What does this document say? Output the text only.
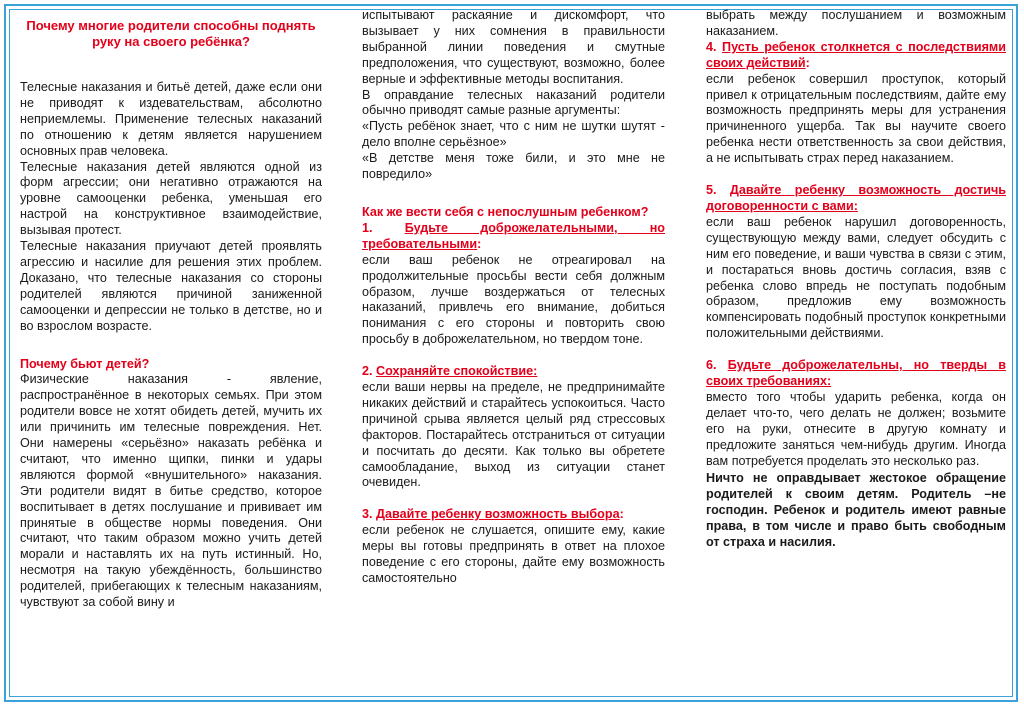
Почему многие родители способны поднять руку на своего ребёнка?

Телесные наказания и битьё детей, даже если они не приводят к издевательствам, абсолютно неприемлемы. Применение телесных наказаний по отношению к детям является нарушением основных прав человека.

Телесные наказания детей являются одной из форм агрессии; они негативно отражаются на уровне самооценки ребенка, уменьшая его настрой на конструктивное взаимодействие, вызывая протест.

Телесные наказания приучают детей проявлять агрессию и насилие для решения этих проблем. Доказано, что телесные наказания со стороны родителей являются причиной заниженной самооценки и депрессии не только в детстве, но и во взрослом возрасте.

Почему бьют детей?

Физические наказания - явление, распространённое в некоторых семьях. При этом родители вовсе не хотят обидеть детей, мучить их или причинить им телесные повреждения. Нет. Они намерены «серьёзно» наказать ребёнка и считают, что именно щипки, пинки и удары являются формой «внушительного» наказания. Эти родители видят в битье средство, которое воспитывает в детях послушание и прививает им принятые в обществе нормы поведения. Они считают, что таким образом можно учить детей морали и наставлять их на путь истинный. Но, несмотря на такую убеждённость, большинство родителей, прибегающих к телесным наказаниям, чувствуют за собой вину и

испытывают раскаяние и дискомфорт, что вызывает у них сомнения в правильности выбранной линии поведения и смутные предположения, что существуют, возможно, более верные и эффективные методы воспитания.

В оправдание телесных наказаний родители обычно приводят самые разные аргументы:

«Пусть ребёнок знает, что с ним не шутки шутят - дело вполне серьёзное»

«В детстве меня тоже били, и это мне не повредило»

Как же вести себя с непослушным ребенком?

1.	Будьте доброжелательными, но требовательными:

если ваш ребенок не отреагировал на продолжительные просьбы вести себя должным образом, лучше воздержаться от телесных наказаний, привлечь его внимание, добиться понимания с его стороны и повторить свою просьбу в доброжелательном, но твердом тоне.

2. Сохраняйте спокойствие:

если ваши нервы на пределе, не предпринимайте никаких действий и старайтесь успокоиться. Часто причиной срыва является целый ряд стрессовых факторов. Постарайтесь отстраниться от ситуации и посчитать до десяти. Как только вы обретете самообладание, выход из ситуации станет очевиден.

3. Давайте ребенку возможность выбора:

если ребенок не слушается, опишите ему, какие меры вы готовы предпринять в ответ на плохое поведение с его стороны, дайте ему возможность самостоятельно

выбрать между послушанием и возможным наказанием.

4. Пусть ребенок столкнется с последствиями своих действий:

если ребенок совершил проступок, который привел к отрицательным последствиям, дайте ему возможность предпринять меры для устранения причиненного ущерба. Так вы научите своего ребенка нести ответственность за свои действия, а не испытывать страх перед наказанием.

5. Давайте ребенку возможность достичь договоренности с вами:

если ваш ребенок нарушил договоренность, существующую между вами, следует обсудить с ним его поведение, и ваши чувства в связи с этим, и постараться вновь достичь согласия, взяв с ребенка слово впредь не поступать подобным образом, предложив ему возможность компенсировать подобный проступок конкретными положительными действиями.

6. Будьте доброжелательны, но тверды в своих требованиях:

вместо того чтобы ударить ребенка, когда он делает что-то, чего делать не должен; возьмите его на руки, отнесите в другую комнату и предложите заняться чем-нибудь другим. Иногда вам потребуется проделать это несколько раз.

Ничто не оправдывает жестокое обращение родителей к своим детям. Родитель –не господин. Ребенок и родитель имеют равные права, в том числе и право быть свободным от страха и насилия.
